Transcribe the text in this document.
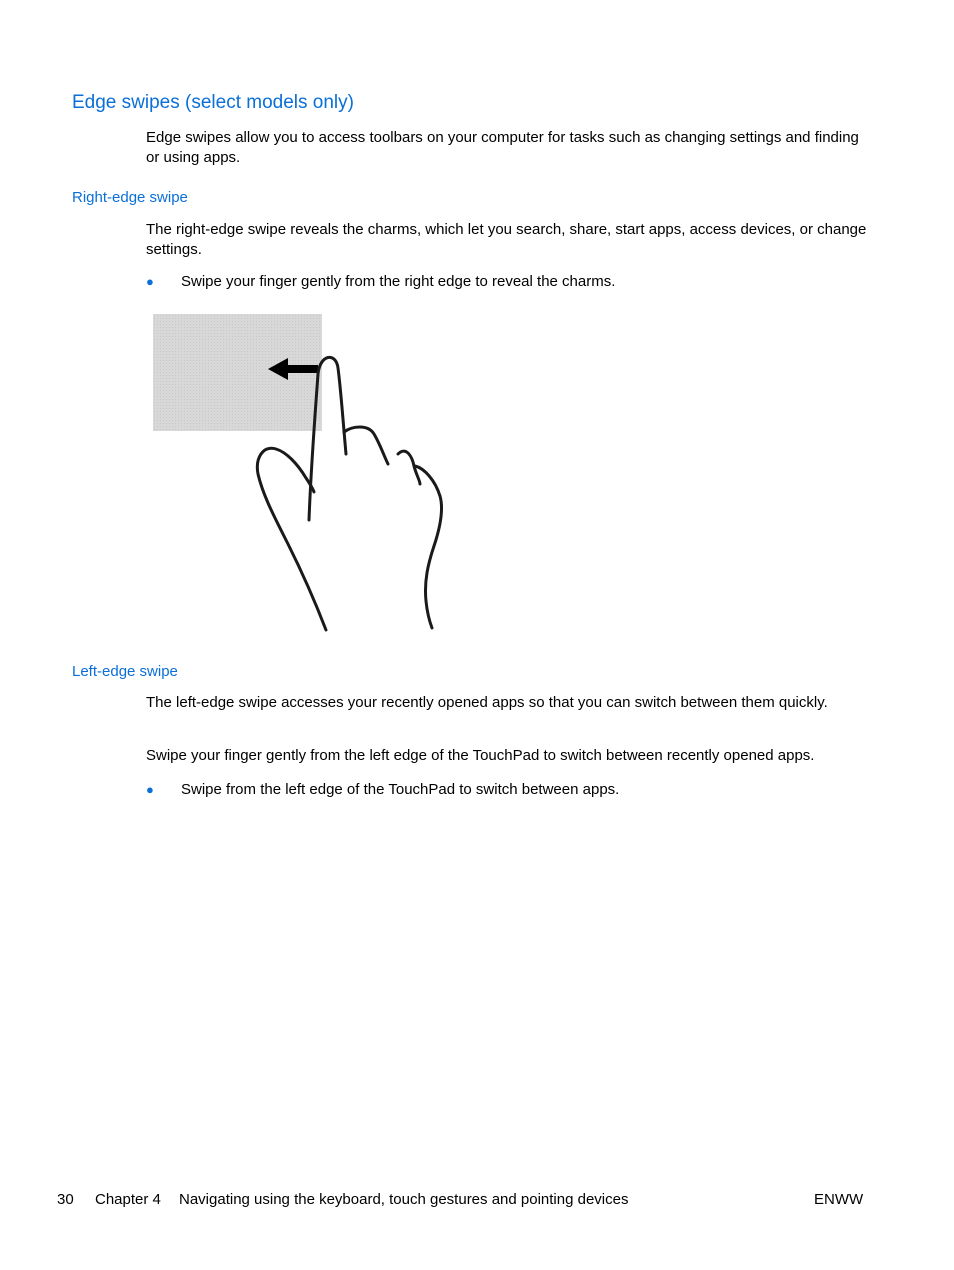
Edge swipes (select models only)

Edge swipes allow you to access toolbars on your computer for tasks such as changing settings and finding or using apps.

Right-edge swipe

The right-edge swipe reveals the charms, which let you search, share, start apps, access devices, or change settings.

● Swipe your finger gently from the right edge to reveal the charms.
Left-edge swipe

The left-edge swipe accesses your recently opened apps so that you can switch between them quickly.

Swipe your finger gently from the left edge of the TouchPad to switch between recently opened apps.

● Swipe from the left edge of the TouchPad to switch between apps.
30 Chapter 4 Navigating using the keyboard, touch gestures and pointing devices	ENWW
